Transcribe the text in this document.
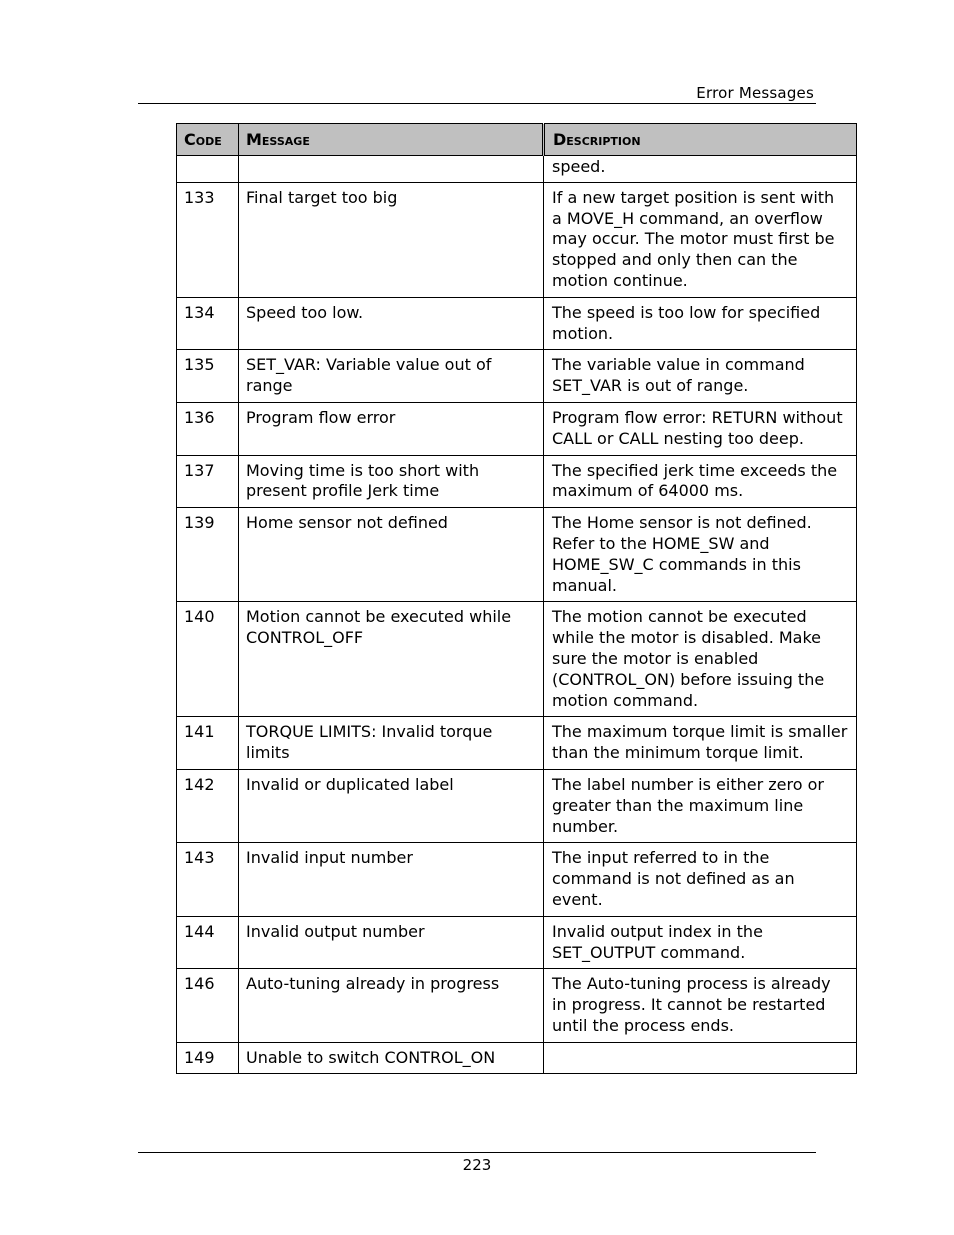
Error Messages
Code	Message	Description
		speed.
133	Final target too big	If a new target position is sent with a MOVE_H command, an overflow may occur. The motor must first be stopped and only then can the motion continue.
134	Speed too low.	The speed is too low for specified motion.
135	SET_VAR: Variable value out of range	The variable value in command SET_VAR is out of range.
136	Program flow error	Program flow error: RETURN without CALL or CALL nesting too deep.
137	Moving time is too short with present profile Jerk time	The specified jerk time exceeds the maximum of 64000 ms.
139	Home sensor not defined	The Home sensor is not defined. Refer to the HOME_SW and HOME_SW_C commands in this manual.
140	Motion cannot be executed while CONTROL_OFF	The motion cannot be executed while the motor is disabled. Make sure the motor is enabled (CONTROL_ON) before issuing the motion command.
141	TORQUE LIMITS: Invalid torque limits	The maximum torque limit is smaller than the minimum torque limit.
142	Invalid or duplicated label	The label number is either zero or greater than the maximum line number.
143	Invalid input number	The input referred to in the command is not defined as an event.
144	Invalid output number	Invalid output index in the SET_OUTPUT command.
146	Auto-tuning already in progress	The Auto-tuning process is already in progress. It cannot be restarted until the process ends.
149	Unable to switch CONTROL_ON	
223
